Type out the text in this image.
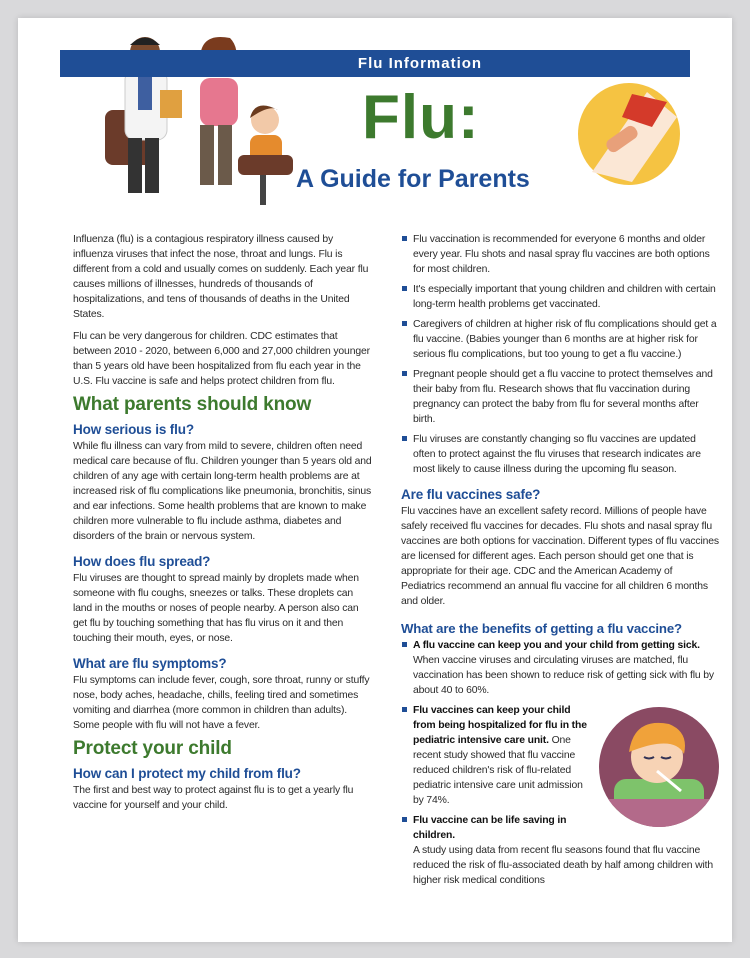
Flu Information
Flu:
A Guide for Parents

Influenza (flu) is a contagious respiratory illness caused by influenza viruses that infect the nose, throat and lungs. Flu is different from a cold and usually comes on suddenly. Each year flu causes millions of illnesses, hundreds of thousands of hospitalizations, and tens of thousands of deaths in the United States.

Flu can be very dangerous for children. CDC estimates that between 2010 - 2020, between 6,000 and 27,000 children younger than 5 years old have been hospitalized from flu each year in the U.S. Flu vaccine is safe and helps protect children from flu.

What parents should know
How serious is flu?

While flu illness can vary from mild to severe, children often need medical care because of flu. Children younger than 5 years old and children of any age with certain long-term health problems are at increased risk of flu complications like pneumonia, bronchitis, sinus and ear infections. Some health problems that are known to make children more vulnerable to flu include asthma, diabetes and disorders of the brain or nervous system.

How does flu spread?

Flu viruses are thought to spread mainly by droplets made when someone with flu coughs, sneezes or talks. These droplets can land in the mouths or noses of people nearby. A person also can get flu by touching something that has flu virus on it and then touching their mouth, eyes, or nose.

What are flu symptoms?

Flu symptoms can include fever, cough, sore throat, runny or stuffy nose, body aches, headache, chills, feeling tired and sometimes vomiting and diarrhea (more common in children than adults). Some people with flu will not have a fever.

Protect your child
How can I protect my child from flu?

The first and best way to protect against flu is to get a yearly flu vaccine for yourself and your child.

Flu vaccination is recommended for everyone 6 months and older every year. Flu shots and nasal spray flu vaccines are both options for most children.
It's especially important that young children and children with certain long-term health problems get vaccinated.
Caregivers of children at higher risk of flu complications should get a flu vaccine. (Babies younger than 6 months are at higher risk for serious flu complications, but too young to get a flu vaccine.)
Pregnant people should get a flu vaccine to protect themselves and their baby from flu. Research shows that flu vaccination during pregnancy can protect the baby from flu for several months after birth.
Flu viruses are constantly changing so flu vaccines are updated often to protect against the flu viruses that research indicates are most likely to cause illness during the upcoming flu season.
Are flu vaccines safe?

Flu vaccines have an excellent safety record. Millions of people have safely received flu vaccines for decades. Flu shots and nasal spray flu vaccines are both options for vaccination. Different types of flu vaccines are licensed for different ages. Each person should get one that is appropriate for their age. CDC and the American Academy of Pediatrics recommend an annual flu vaccine for all children 6 months and older.

What are the benefits of getting a flu vaccine?
A flu vaccine can keep you and your child from getting sick. When vaccine viruses and circulating viruses are matched, flu vaccination has been shown to reduce risk of getting sick with flu by about 40 to 60%.
Flu vaccines can keep your child from being hospitalized for flu in the pediatric intensive care unit. One recent study showed that flu vaccine reduced children's risk of flu-related pediatric intensive care unit admission by 74%.
Flu vaccine can be life saving in children.
A study using data from recent flu seasons found that flu vaccine reduced the risk of flu-associated death by half among children with higher risk medical conditions
